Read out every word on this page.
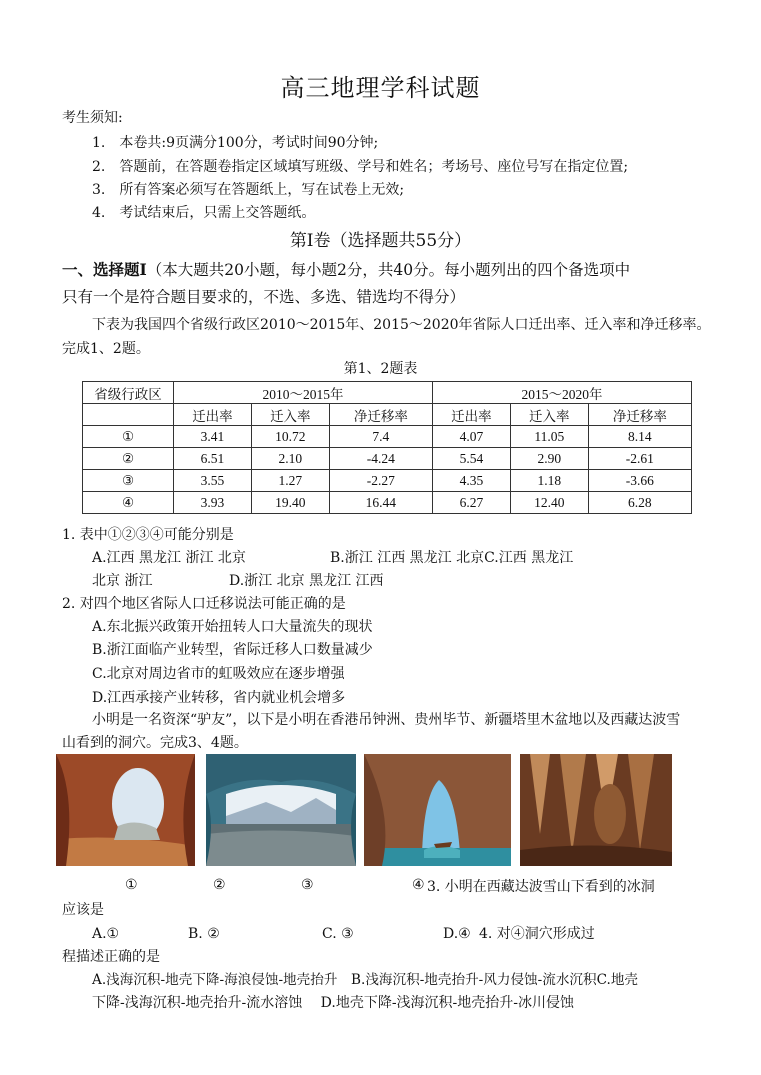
高三地理学科试题
考生须知:
1.　本卷共:9页满分100分，考试时间90分钟;
2.　答题前，在答题卷指定区域填写班级、学号和姓名；考场号、座位号写在指定位置;
3.　所有答案必须写在答题纸上，写在试卷上无效;
4.　考试结束后，只需上交答题纸。
第I卷（选择题共55分）
一、选择题Ⅰ（本大题共20小题，每小题2分，共40分。每小题列出的四个备选项中
只有一个是符合题目要求的，不选、多选、错选均不得分）
下表为我国四个省级行政区2010～2015年、2015～2020年省际人口迁出率、迁入率和净迁移率。
完成1、2题。
第1、2题表
省级行政区	2010～2015年			2015～2020年		
	迁出率	迁入率	净迁移率	迁出率	迁入率	净迁移率
①	3.41	10.72	7.4	4.07	11.05	8.14
②	6.51	2.10	-4.24	5.54	2.90	-2.61
③	3.55	1.27	-2.27	4.35	1.18	-3.66
④	3.93	19.40	16.44	6.27	12.40	6.28
1. 表中①②③④可能分别是
A.江西 黑龙江 浙江 北京	B.浙江 江西 黑龙江 北京C.江西 黑龙江
北京 浙江	D.浙江 北京 黑龙江 江西
2. 对四个地区省际人口迁移说法可能正确的是
A.东北振兴政策开始扭转人口大量流失的现状
B.浙江面临产业转型，省际迁移人口数量减少
C.北京对周边省市的虹吸效应在逐步增强
D.江西承接产业转移，省内就业机会增多
小明是一名资深“驴友”，以下是小明在香港吊钟洲、贵州毕节、新疆塔里木盆地以及西藏达波雪
山看到的洞穴。完成3、4题。
①	②	③	④ 3. 小明在西藏达波雪山下看到的冰洞
应该是
A.①	B. ②	C. ③	D.④ 4. 对④洞穴形成过
程描述正确的是
A.浅海沉积-地壳下降-海浪侵蚀-地壳抬升　B.浅海沉积-地壳抬升-风力侵蚀-流水沉积C.地壳
下降-浅海沉积-地壳抬升-流水溶蚀　 D.地壳下降-浅海沉积-地壳抬升-冰川侵蚀
